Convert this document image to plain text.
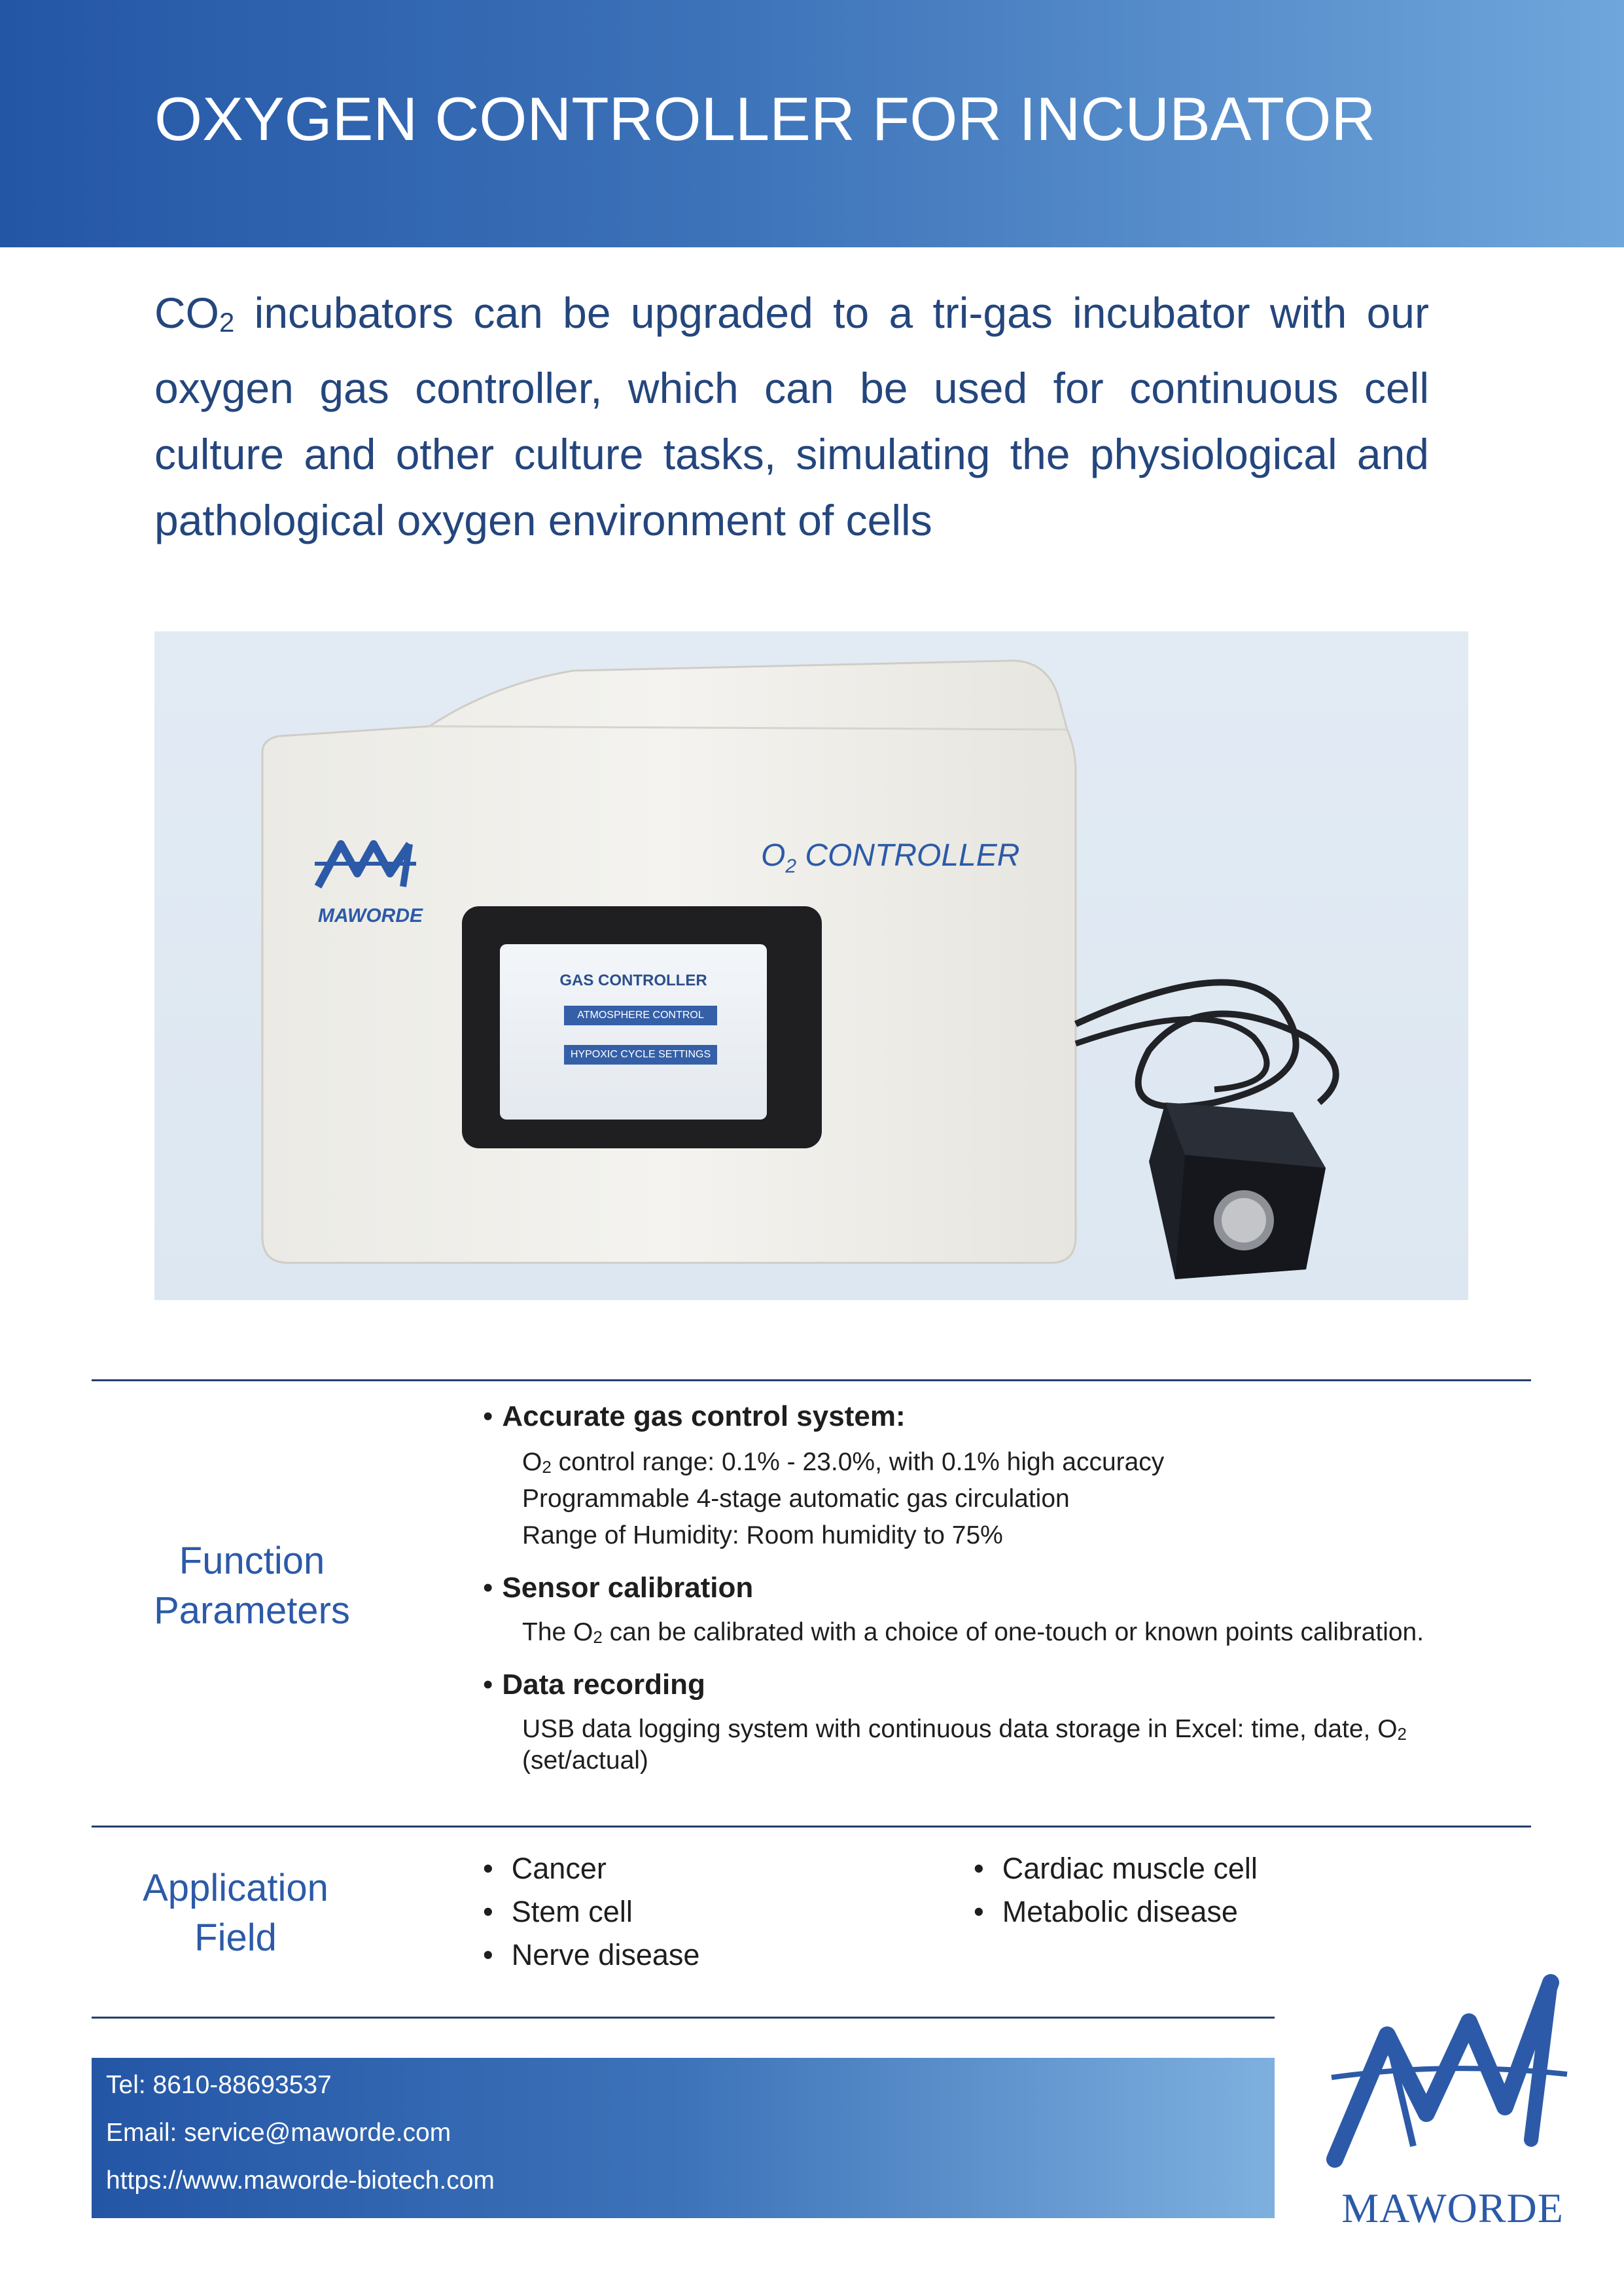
OXYGEN CONTROLLER FOR INCUBATOR
$CO_2$ incubators can be upgraded to a tri-gas incubator with our oxygen gas controller, which can be used for continuous cell culture and other culture tasks, simulating the physiological and pathological oxygen environment of cells
MAWORDE
$O_2$ CONTROLLER
GAS CONTROLLER
ATMOSPHERE CONTROL
HYPOXIC CYCLE SETTINGS
Function
Parameters
• Accurate gas control system:
$O_2$ control range: 0.1% - 23.0%, with 0.1% high accuracy
Programmable 4-stage automatic gas circulation
Range of Humidity: Room humidity to 75%
• Sensor calibration
The $O_2$ can be calibrated with a choice of one-touch or known points calibration.
• Data recording
USB data logging system with continuous data storage in Excel: time, date, $O_2$
(set/actual)
Application
Field
• Cancer
• Stem cell
• Nerve disease
• Cardiac muscle cell
• Metabolic disease
Tel: 8610-88693537
Email: service@mawordе.com
https://www.maworde-biotech.com
MAWORDE
